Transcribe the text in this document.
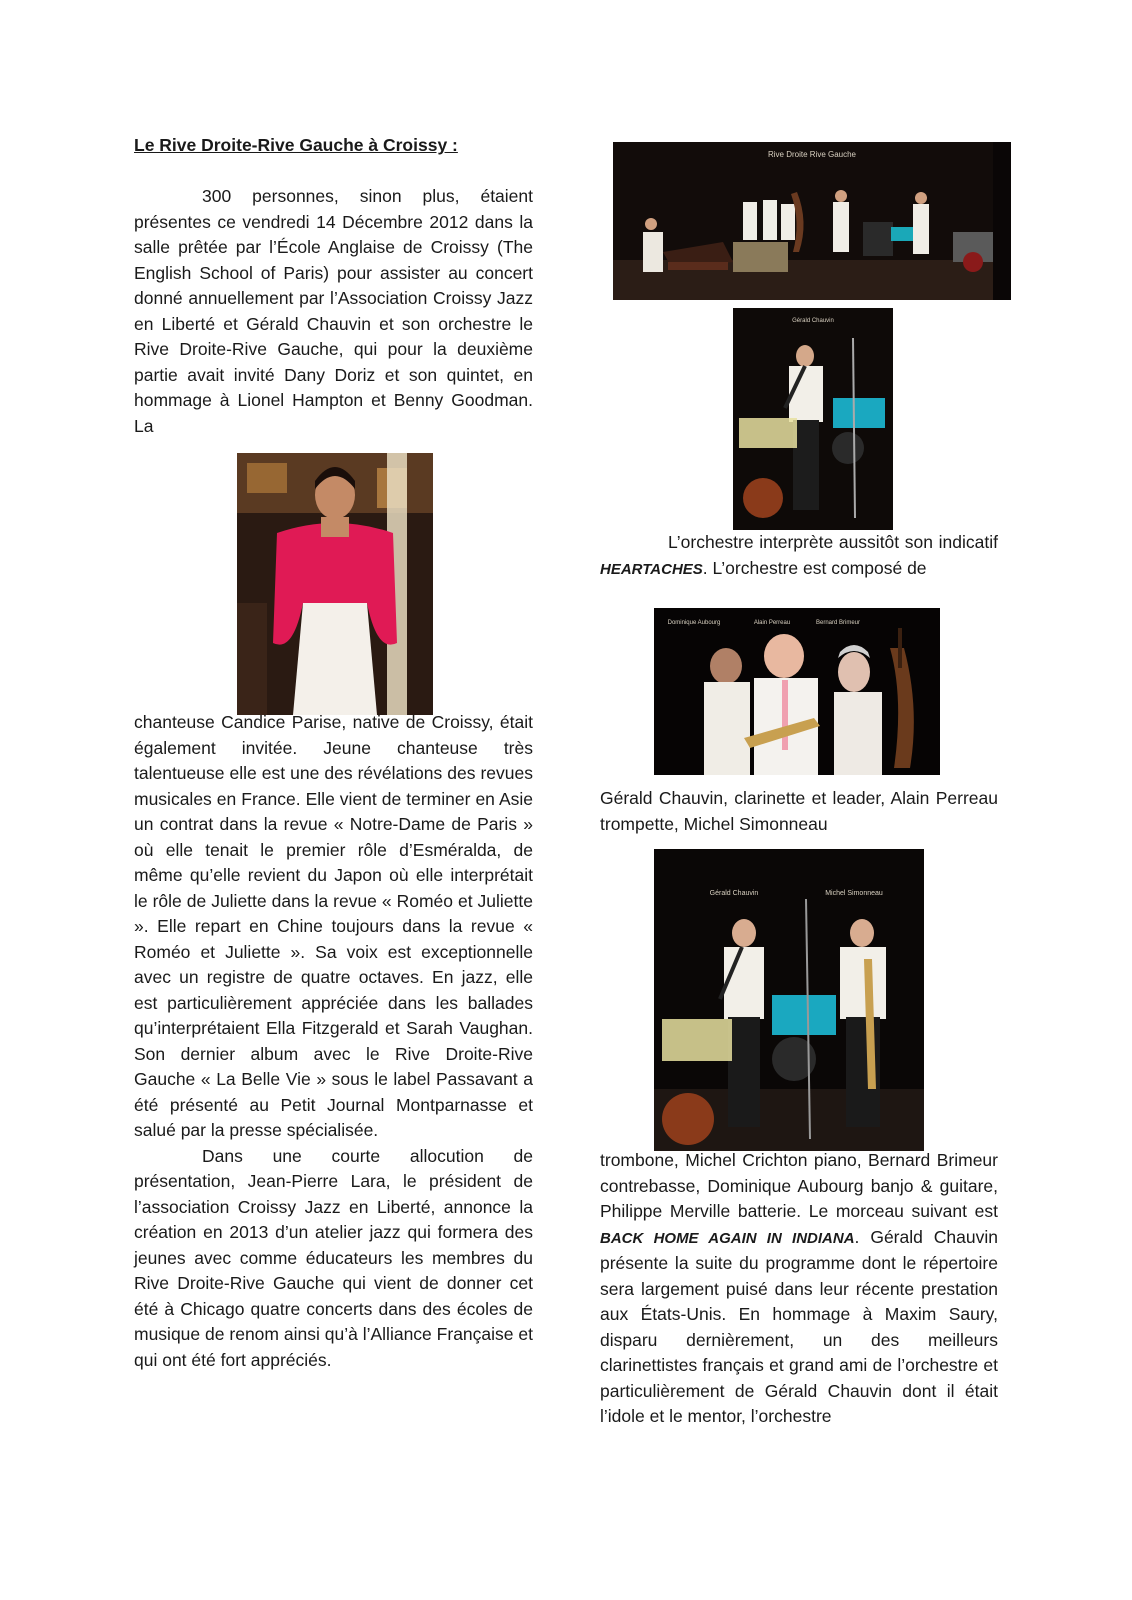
Le Rive Droite-Rive Gauche à Croissy :

300 personnes, sinon plus, étaient présentes ce vendredi 14 Décembre 2012 dans la salle prêtée par l’École Anglaise de Croissy (The English School of Paris) pour assister au concert donné annuellement par l’Association Croissy Jazz en Liberté et Gérald Chauvin et son orchestre le Rive Droite-Rive Gauche, qui pour la deuxième partie avait invité Dany Doriz et son quintet, en hommage à Lionel Hampton et Benny Goodman. La

chanteuse Candice Parise, native de Croissy, était également invitée. Jeune chanteuse très talentueuse elle est une des révélations des revues musicales en France. Elle vient de terminer en Asie un contrat dans la revue « Notre-Dame de Paris » où elle tenait le premier rôle d’Esméralda, de même qu’elle revient du Japon où elle interprétait le rôle de Juliette dans la revue « Roméo et Juliette ». Elle repart en Chine toujours dans la revue « Roméo et Juliette ». Sa voix est exceptionnelle avec un registre de quatre octaves. En jazz, elle est particulièrement appréciée dans les ballades qu’interprétaient Ella Fitzgerald et Sarah Vaughan. Son dernier album avec le Rive Droite-Rive Gauche « La Belle Vie » sous le label Passavant a été présenté au Petit Journal Montparnasse et salué par la presse spécialisée.

Dans une courte allocution de présentation, Jean-Pierre Lara, le président de l’association Croissy Jazz en Liberté, annonce la création en 2013 d’un atelier jazz qui formera des jeunes avec comme éducateurs les membres du Rive Droite-Rive Gauche qui vient de donner cet été à Chicago quatre concerts dans des écoles de musique de renom ainsi qu’à l’Alliance Française et qui ont été fort appréciés.

Rive Droite Rive Gauche
Gérald Chauvin

L’orchestre interprète aussitôt son indicatif HEARTACHES. L’orchestre est composé de

Dominique Aubourg	Alain Perreau	Bernard Brimeur

Gérald Chauvin, clarinette et leader, Alain Perreau trompette, Michel Simonneau

Gérald Chauvin	Michel Simonneau

trombone, Michel Crichton piano, Bernard Brimeur contrebasse, Dominique Aubourg banjo & guitare, Philippe Merville batterie. Le morceau suivant est BACK HOME AGAIN IN INDIANA. Gérald Chauvin présente la suite du programme dont le répertoire sera largement puisé dans leur récente prestation aux États-Unis. En hommage à Maxim Saury, disparu dernièrement, un des meilleurs clarinettistes français et grand ami de l’orchestre et particulièrement de Gérald Chauvin dont il était l’idole et le mentor, l’orchestre
